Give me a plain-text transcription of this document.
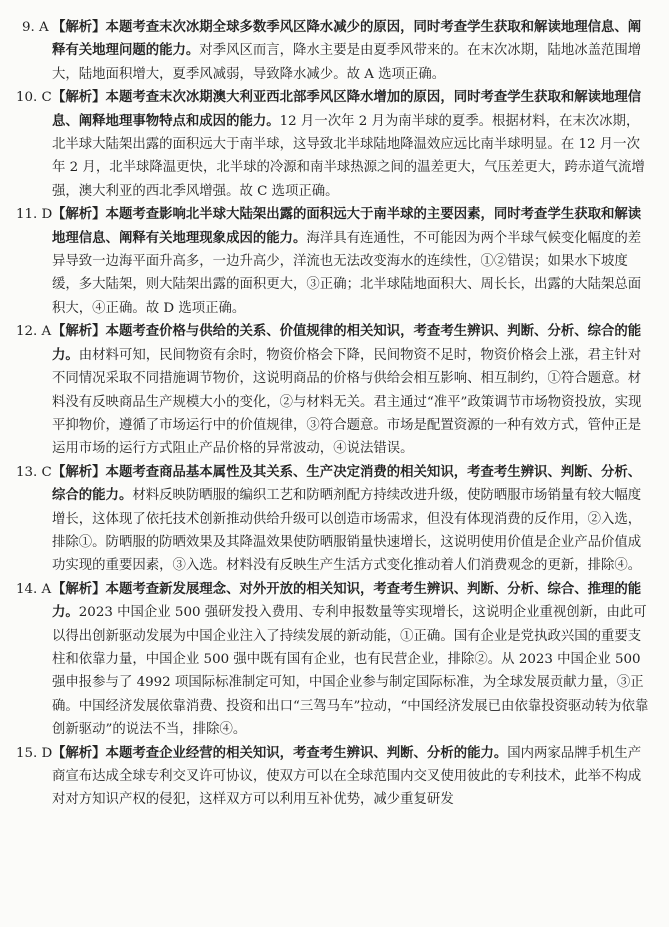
9. A 【解析】本题考查末次冰期全球多数季风区降水减少的原因，同时考查学生获取和解读地理信息、阐释有关地理问题的能力。对季风区而言，降水主要是由夏季风带来的。在末次冰期，陆地冰盖范围增大，陆地面积增大，夏季风减弱，导致降水减少。故 A 选项正确。
10. C 【解析】本题考查末次冰期澳大利亚西北部季风区降水增加的原因，同时考查学生获取和解读地理信息、阐释地理事物特点和成因的能力。12 月一次年 2 月为南半球的夏季。根据材料，在末次冰期，北半球大陆架出露的面积远大于南半球，这导致北半球陆地降温效应远比南半球明显。在 12 月一次年 2 月，北半球降温更快，北半球的冷源和南半球热源之间的温差更大，气压差更大，跨赤道气流增强，澳大利亚的西北季风增强。故 C 选项正确。
11. D 【解析】本题考查影响北半球大陆架出露的面积远大于南半球的主要因素，同时考查学生获取和解读地理信息、阐释有关地理现象成因的能力。海洋具有连通性，不可能因为两个半球气候变化幅度的差异导致一边海平面升高多，一边升高少，洋流也无法改变海水的连续性，①②错误；如果水下坡度缓，多大陆架，则大陆架出露的面积更大，③正确；北半球陆地面积大、周长长，出露的大陆架总面积大，④正确。故 D 选项正确。
12. A 【解析】本题考查价格与供给的关系、价值规律的相关知识，考查考生辨识、判断、分析、综合的能力。由材料可知，民间物资有余时，物资价格会下降，民间物资不足时，物资价格会上涨，君主针对不同情况采取不同措施调节物价，这说明商品的价格与供给会相互影响、相互制约，①符合题意。材料没有反映商品生产规模大小的变化，②与材料无关。君主通过“准平”政策调节市场物资投放，实现平抑物价，遵循了市场运行中的价值规律，③符合题意。市场是配置资源的一种有效方式，管仲正是运用市场的运行方式阻止产品价格的异常波动，④说法错误。
13. C 【解析】本题考查商品基本属性及其关系、生产决定消费的相关知识，考查考生辨识、判断、分析、综合的能力。材料反映防晒服的编织工艺和防晒剂配方持续改进升级，使防晒服市场销量有较大幅度增长，这体现了依托技术创新推动供给升级可以创造市场需求，但没有体现消费的反作用，②入选，排除①。防晒服的防晒效果及其降温效果使防晒服销量快速增长，这说明使用价值是企业产品价值成功实现的重要因素，③入选。材料没有反映生产生活方式变化推动着人们消费观念的更新，排除④。
14. A 【解析】本题考查新发展理念、对外开放的相关知识，考查考生辨识、判断、分析、综合、推理的能力。2023 中国企业 500 强研发投入费用、专利申报数量等实现增长，这说明企业重视创新，由此可以得出创新驱动发展为中国企业注入了持续发展的新动能，①正确。国有企业是党执政兴国的重要支柱和依靠力量，中国企业 500 强中既有国有企业，也有民营企业，排除②。从 2023 中国企业 500 强申报参与了 4992 项国际标准制定可知，中国企业参与制定国际标准，为全球发展贡献力量，③正确。中国经济发展依靠消费、投资和出口“三驾马车”拉动，“中国经济发展已由依靠投资驱动转为依靠创新驱动”的说法不当，排除④。
15. D 【解析】本题考查企业经营的相关知识，考查考生辨识、判断、分析的能力。国内两家品牌手机生产商宣布达成全球专利交叉许可协议，使双方可以在全球范围内交叉使用彼此的专利技术，此举不构成对对方知识产权的侵犯，这样双方可以利用互补优势，减少重复研发
